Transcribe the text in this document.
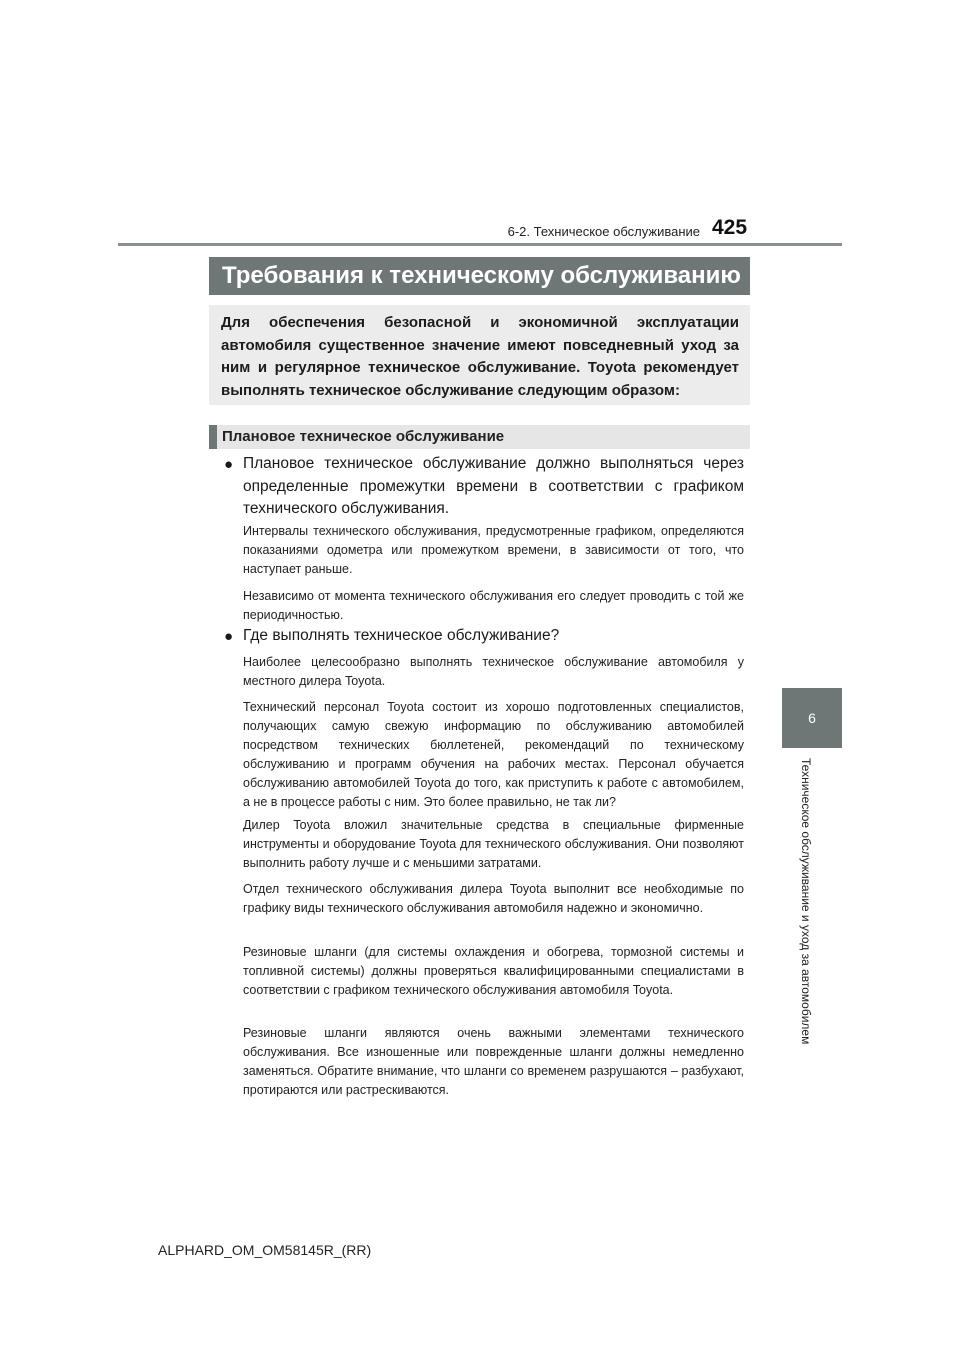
6-2. Техническое обслуживание 425
6
Техническое обслуживание и уход за автомобилем
Требования к техническому обслуживанию

Для обеспечения безопасной и экономичной эксплуатации автомобиля существенное значение имеют повседневный уход за ним и регулярное техническое обслуживание. Toyota рекомендует выполнять техническое обслуживание следующим образом:

Плановое техническое обслуживание
● Плановое техническое обслуживание должно выполняться через определенные промежутки времени в соответствии с графиком технического обслуживания.

Интервалы технического обслуживания, предусмотренные графиком, определяются показаниями одометра или промежутком времени, в зависимости от того, что наступает раньше.

Независимо от момента технического обслуживания его следует проводить с той же периодичностью.

● Где выполнять техническое обслуживание?

Наиболее целесообразно выполнять техническое обслуживание автомобиля у местного дилера Toyota.

Технический персонал Toyota состоит из хорошо подготовленных специалистов, получающих самую свежую информацию по обслуживанию автомобилей посредством технических бюллетеней, рекомендаций по техническому обслуживанию и программ обучения на рабочих местах. Персонал обучается обслуживанию автомобилей Toyota до того, как приступить к работе с автомобилем, а не в процессе работы с ним. Это более правильно, не так ли?

Дилер Toyota вложил значительные средства в специальные фирменные инструменты и оборудование Toyota для технического обслуживания. Они позволяют выполнить работу лучше и с меньшими затратами.

Отдел технического обслуживания дилера Toyota выполнит все необходимые по графику виды технического обслуживания автомобиля надежно и экономично.

Резиновые шланги (для системы охлаждения и обогрева, тормозной системы и топливной системы) должны проверяться квалифицированными специалистами в соответствии с графиком технического обслуживания автомобиля Toyota.

Резиновые шланги являются очень важными элементами технического обслуживания. Все изношенные или поврежденные шланги должны немедленно заменяться. Обратите внимание, что шланги со временем разрушаются – разбухают, протираются или растрескиваются.

ALPHARD_OM_OM58145R_(RR)
